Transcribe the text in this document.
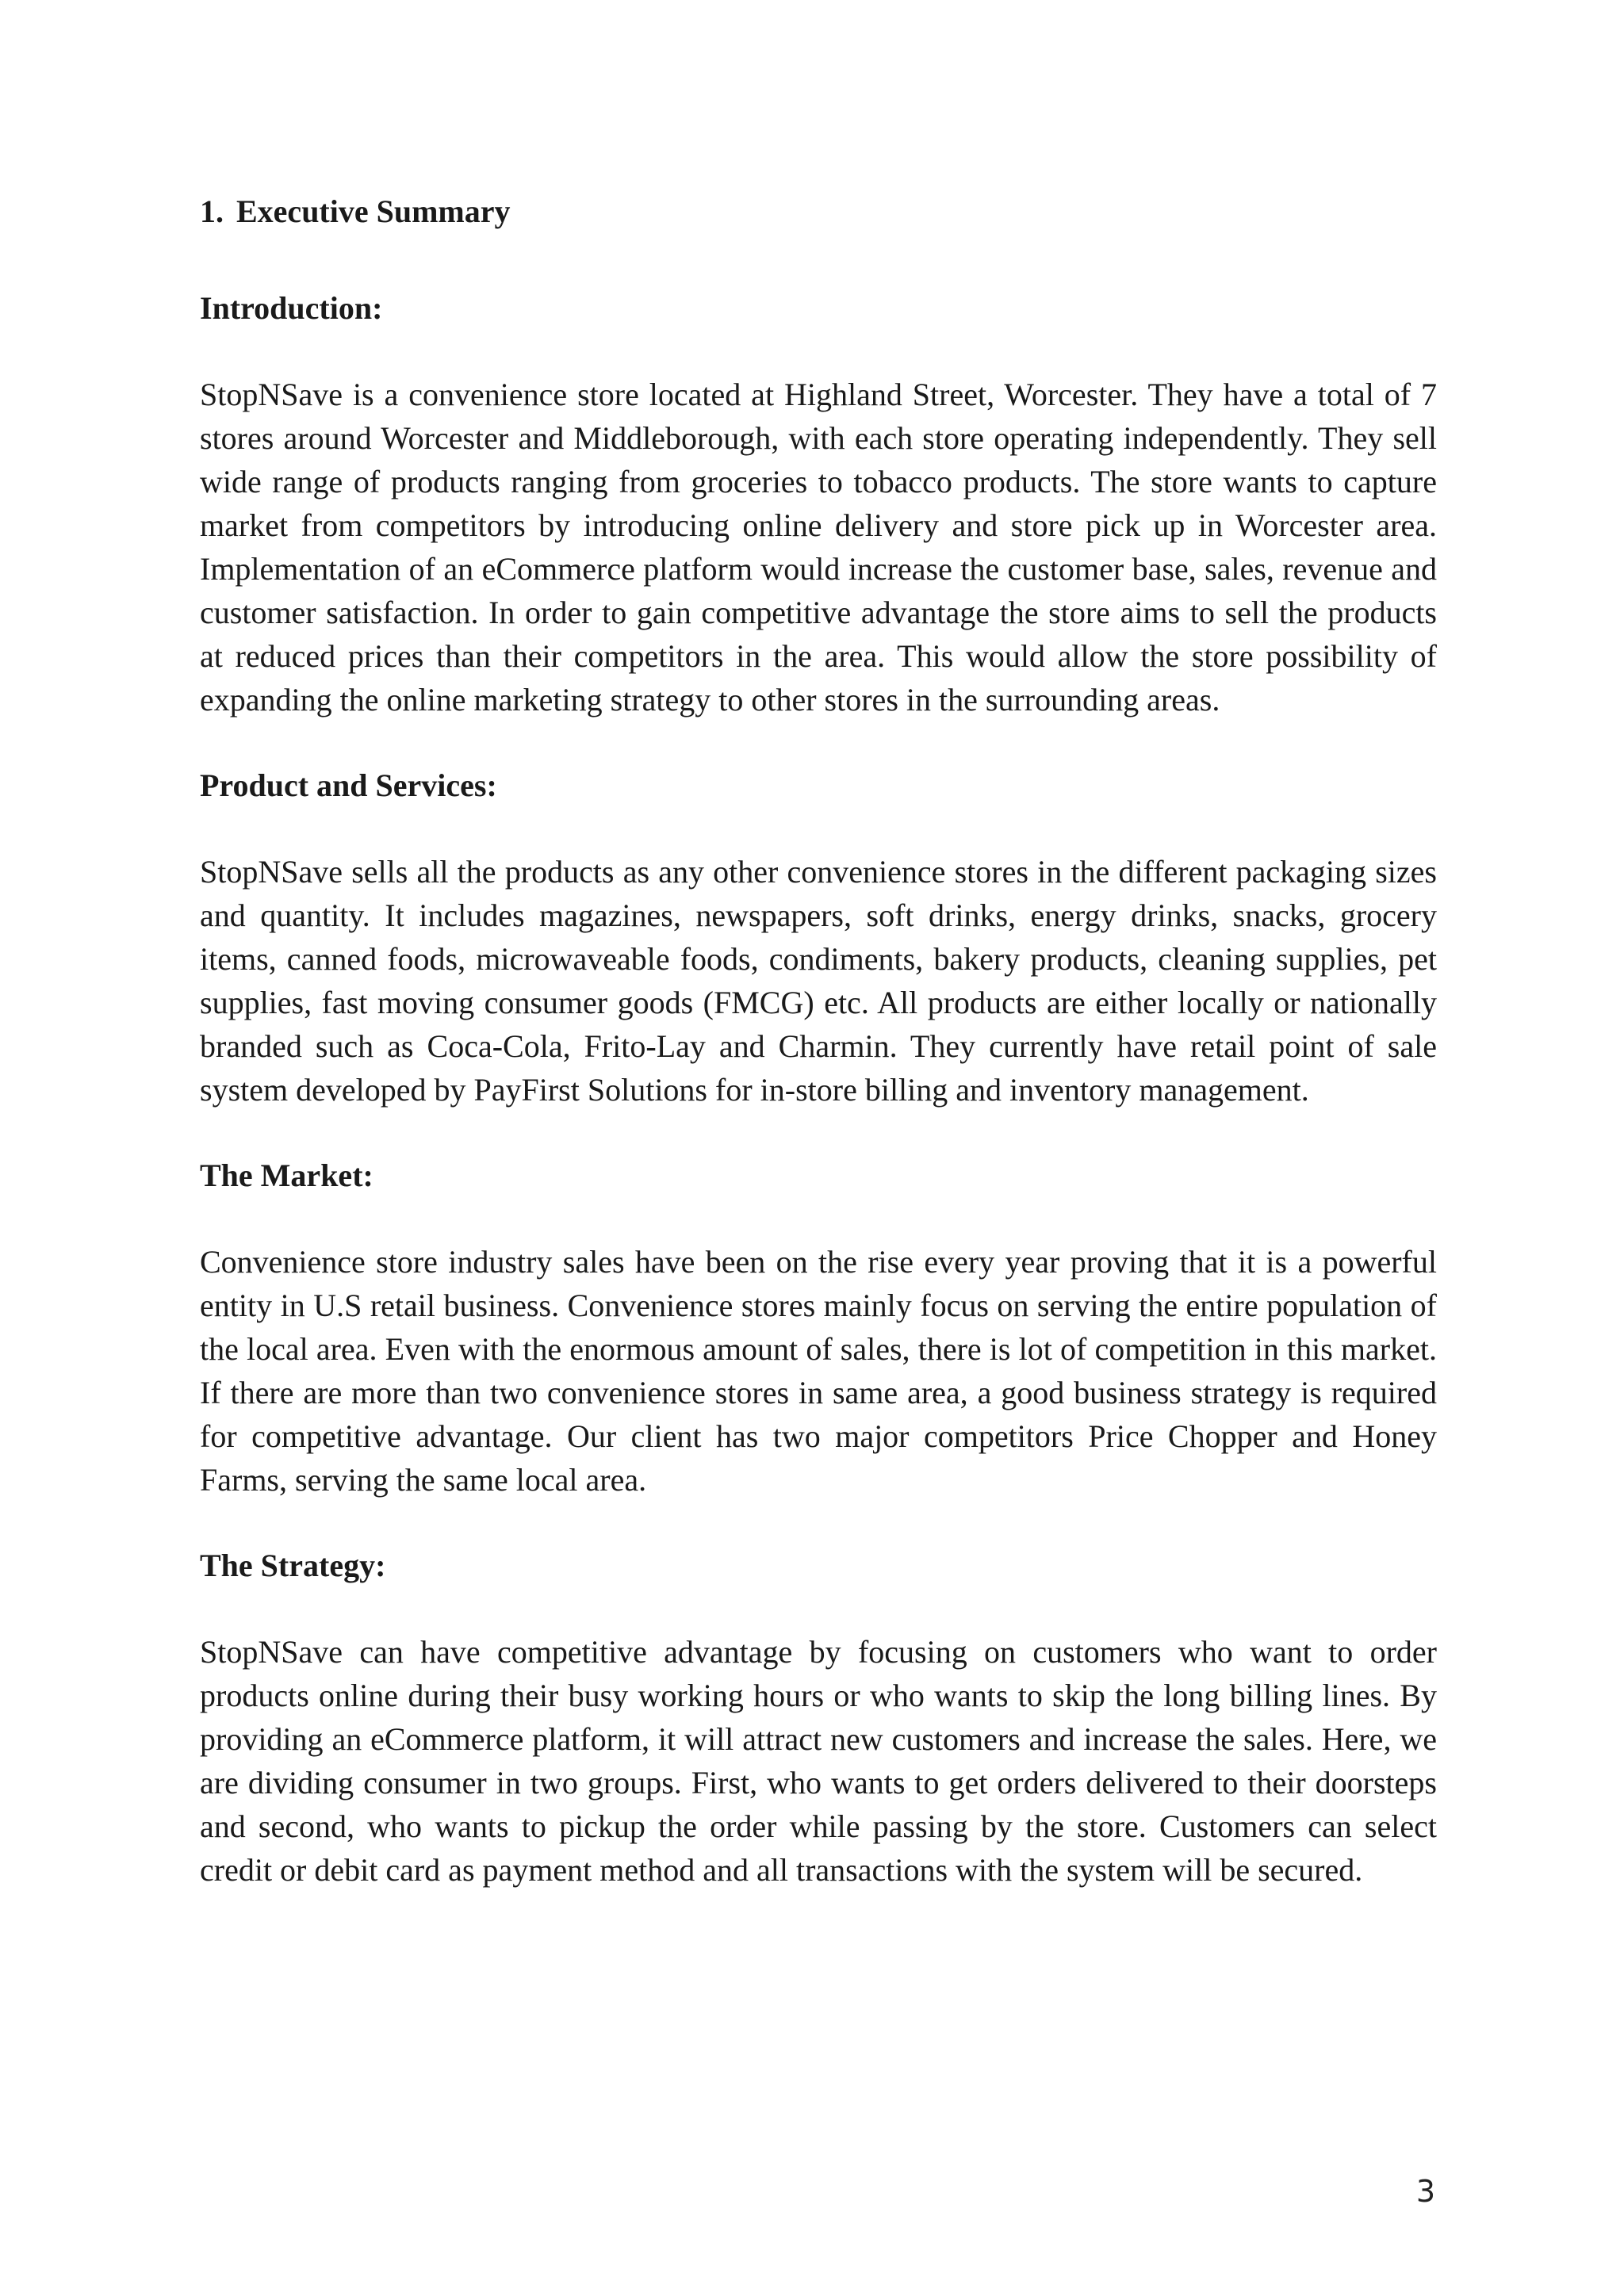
1. Executive Summary
Introduction:

StopNSave is a convenience store located at Highland Street, Worcester. They have a total of 7 stores around Worcester and Middleborough, with each store operating independently. They sell wide range of products ranging from groceries to tobacco products. The store wants to capture market from competitors by introducing online delivery and store pick up in Worcester area. Implementation of an eCommerce platform would increase the customer base, sales, revenue and customer satisfaction. In order to gain competitive advantage the store aims to sell the products at reduced prices than their competitors in the area. This would allow the store possibility of expanding the online marketing strategy to other stores in the surrounding areas.

Product and Services:

StopNSave sells all the products as any other convenience stores in the different packaging sizes and quantity. It includes magazines, newspapers, soft drinks, energy drinks, snacks, grocery items, canned foods, microwaveable foods, condiments, bakery products, cleaning supplies, pet supplies, fast moving consumer goods (FMCG) etc. All products are either locally or nationally branded such as Coca-Cola, Frito-Lay and Charmin. They currently have retail point of sale system developed by PayFirst Solutions for in-store billing and inventory management.

The Market:

Convenience store industry sales have been on the rise every year proving that it is a powerful entity in U.S retail business. Convenience stores mainly focus on serving the entire population of the local area. Even with the enormous amount of sales, there is lot of competition in this market. If there are more than two convenience stores in same area, a good business strategy is required for competitive advantage. Our client has two major competitors Price Chopper and Honey Farms, serving the same local area.

The Strategy:

StopNSave can have competitive advantage by focusing on customers who want to order products online during their busy working hours or who wants to skip the long billing lines. By providing an eCommerce platform, it will attract new customers and increase the sales. Here, we are dividing consumer in two groups. First, who wants to get orders delivered to their doorsteps and second, who wants to pickup the order while passing by the store. Customers can select credit or debit card as payment method and all transactions with the system will be secured.

3
